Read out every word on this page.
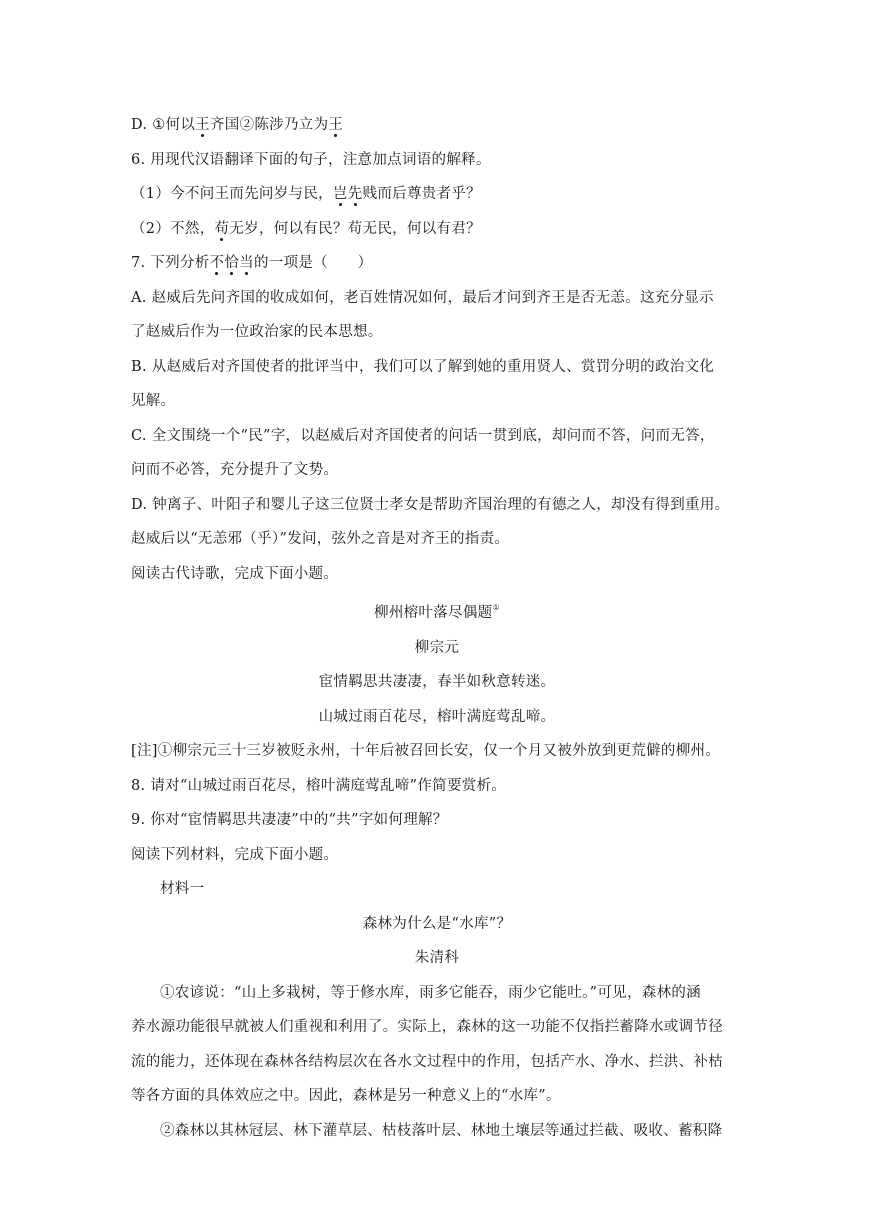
D. ①何以王齐国②陈涉乃立为王
6. 用现代汉语翻译下面的句子，注意加点词语的解释。
（1）今不问王而先问岁与民，岂先贱而后尊贵者乎？
（2）不然，苟无岁，何以有民？苟无民，何以有君？
7. 下列分析不恰当的一项是（　　）
A. 赵威后先问齐国的收成如何，老百姓情况如何，最后才问到齐王是否无恙。这充分显示
了赵威后作为一位政治家的民本思想。
B. 从赵威后对齐国使者的批评当中，我们可以了解到她的重用贤人、赏罚分明的政治文化
见解。
C. 全文围绕一个“民”字，以赵威后对齐国使者的问话一贯到底，却问而不答，问而无答，
问而不必答，充分提升了文势。
D. 钟离子、叶阳子和婴儿子这三位贤士孝女是帮助齐国治理的有德之人，却没有得到重用。
赵威后以“无恙邪（乎）”发问，弦外之音是对齐王的指责。
阅读古代诗歌，完成下面小题。
柳州榕叶落尽偶题①
柳宗元
宦情羁思共凄凄，春半如秋意转迷。
山城过雨百花尽，榕叶满庭莺乱啼。
[注]①柳宗元三十三岁被贬永州，十年后被召回长安，仅一个月又被外放到更荒僻的柳州。
8. 请对“山城过雨百花尽，榕叶满庭莺乱啼”作简要赏析。
9. 你对“宦情羁思共凄凄”中的“共”字如何理解？
阅读下列材料，完成下面小题。
材料一
森林为什么是“水库”？
朱清科
①农谚说：“山上多栽树，等于修水库，雨多它能吞，雨少它能吐。”可见，森林的涵
养水源功能很早就被人们重视和利用了。实际上，森林的这一功能不仅指拦蓄降水或调节径
流的能力，还体现在森林各结构层次在各水文过程中的作用，包括产水、净水、拦洪、补枯
等各方面的具体效应之中。因此，森林是另一种意义上的“水库”。
②森林以其林冠层、林下灌草层、枯枝落叶层、林地土壤层等通过拦截、吸收、蓄积降
